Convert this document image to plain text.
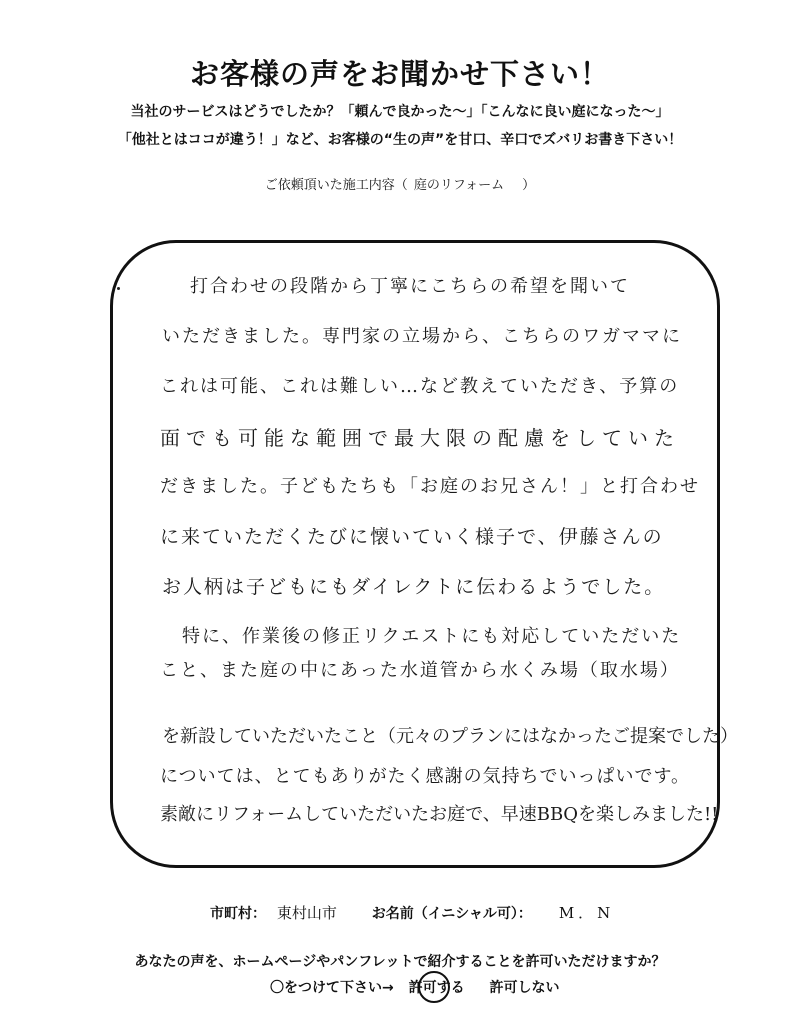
お客様の声をお聞かせ下さい！
当社のサービスはどうでしたか？「頼んで良かった～」「こんなに良い庭になった～」
「他社とはココが違う！」など、お客様の“生の声”を甘口、辛口でズバリお書き下さい！
ご依頼頂いた施工内容（ 庭のリフォーム ）
打合わせの段階から丁寧にこちらの希望を聞いて
いただきました。専門家の立場から、こちらのワガママに
これは可能、これは難しい…など教えていただき、予算の
面でも可能な範囲で最大限の配慮をしていた
だきました。子どもたちも「お庭のお兄さん！」と打合わせ
に来ていただくたびに懐いていく様子で、伊藤さんの
お人柄は子どもにもダイレクトに伝わるようでした。
特に、作業後の修正リクエストにも対応していただいた
こと、また庭の中にあった水道管から水くみ場（取水場）
を新設していただいたこと（元々のプランにはなかったご提案でした）
については、とてもありがたく感謝の気持ちでいっぱいです。
素敵にリフォームしていただいたお庭で、早速BBQを楽しみました!!
市町村： 東村山市 お名前（イニシャル可）： M．N
あなたの声を、ホームページやパンフレットで紹介することを許可いただけますか？
〇をつけて下さい→ 許可する 許可しない
